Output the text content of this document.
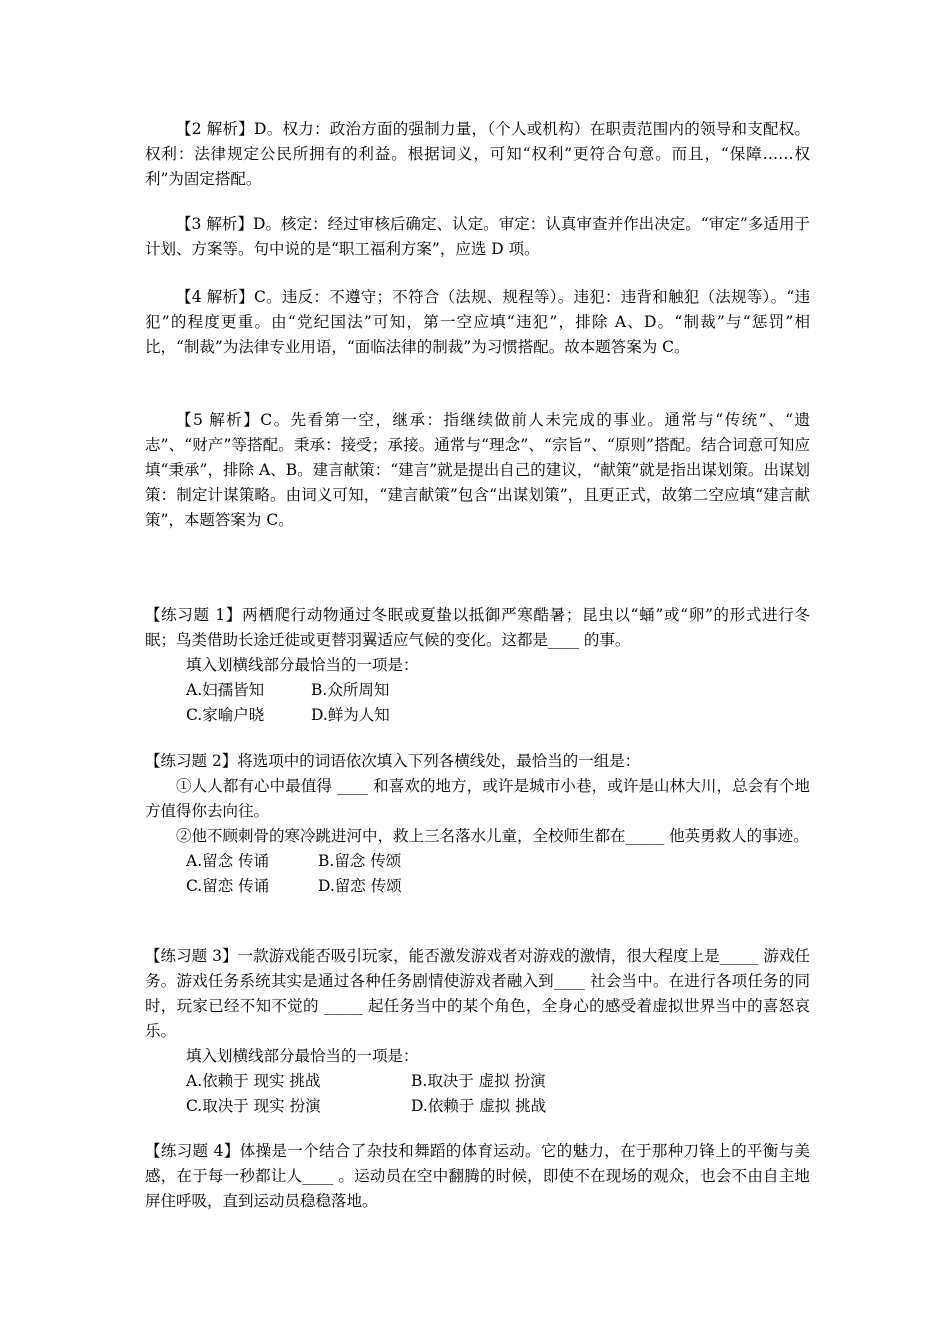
【2 解析】D。权力：政治方面的强制力量，（个人或机构）在职责范围内的领导和支配权。权利：法律规定公民所拥有的利益。根据词义，可知“权利”更符合句意。而且，“保障……权利”为固定搭配。

【3 解析】D。核定：经过审核后确定、认定。审定：认真审查并作出决定。“审定”多适用于计划、方案等。句中说的是“职工福利方案”，应选 D 项。

【4 解析】C。违反：不遵守；不符合（法规、规程等）。违犯：违背和触犯（法规等）。“违犯”的程度更重。由“党纪国法”可知，第一空应填“违犯”，排除 A、D。“制裁”与“惩罚”相比，“制裁”为法律专业用语，“面临法律的制裁”为习惯搭配。故本题答案为 C。

【5 解析】C。先看第一空，继承：指继续做前人未完成的事业。通常与“传统”、“遗志”、“财产”等搭配。秉承：接受；承接。通常与“理念”、“宗旨”、“原则”搭配。结合词意可知应填“秉承”，排除 A、B。建言献策：“建言”就是提出自己的建议，“献策”就是指出谋划策。出谋划策：制定计谋策略。由词义可知，“建言献策”包含“出谋划策”，且更正式，故第二空应填“建言献策”，本题答案为 C。

【练习题 1】两栖爬行动物通过冬眠或夏蛰以抵御严寒酷暑；昆虫以“蛹”或“卵”的形式进行冬眠；鸟类借助长途迁徙或更替羽翼适应气候的变化。这都是____ 的事。

填入划横线部分最恰当的一项是：

A.妇孺皆知	B.众所周知
C.家喻户晓	D.鲜为人知

【练习题 2】将选项中的词语依次填入下列各横线处，最恰当的一组是：

①人人都有心中最值得 ____ 和喜欢的地方，或许是城市小巷，或许是山林大川，总会有个地方值得你去向往。

②他不顾刺骨的寒冷跳进河中，救上三名落水儿童，全校师生都在_____ 他英勇救人的事迹。

A.留念 传诵	B.留念 传颂
C.留恋 传诵	D.留恋 传颂

【练习题 3】一款游戏能否吸引玩家，能否激发游戏者对游戏的激情，很大程度上是_____ 游戏任务。游戏任务系统其实是通过各种任务剧情使游戏者融入到____ 社会当中。在进行各项任务的同时，玩家已经不知不觉的 _____ 起任务当中的某个角色，全身心的感受着虚拟世界当中的喜怒哀乐。

填入划横线部分最恰当的一项是：

A.依赖于 现实 挑战	B.取决于 虚拟 扮演
C.取决于 现实 扮演	D.依赖于 虚拟 挑战

【练习题 4】体操是一个结合了杂技和舞蹈的体育运动。它的魅力，在于那种刀锋上的平衡与美感，在于每一秒都让人____ 。运动员在空中翻腾的时候，即使不在现场的观众，也会不由自主地屏住呼吸，直到运动员稳稳落地。
